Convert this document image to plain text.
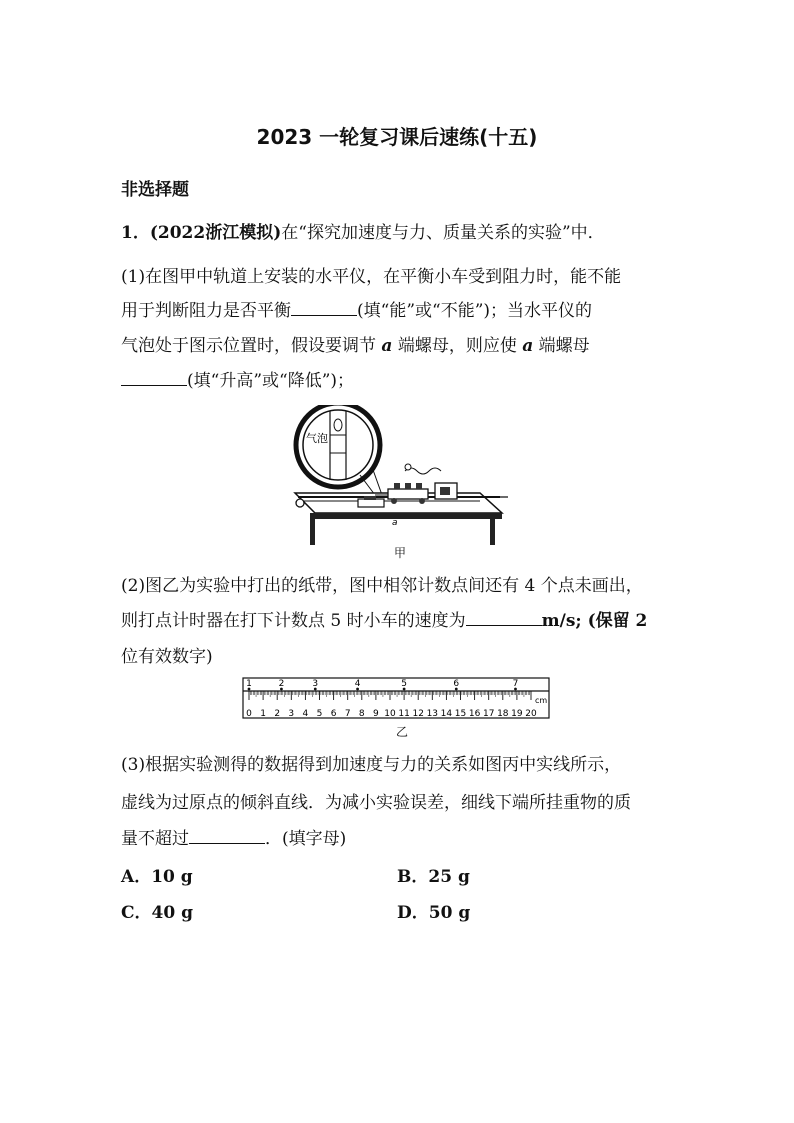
2023 一轮复习课后速练(十五)
非选择题
1．(2022浙江模拟)在“探究加速度与力、质量关系的实验”中．
(1)在图甲中轨道上安装的水平仪，在平衡小车受到阻力时，能不能
用于判断阻力是否平衡	(填“能”或“不能”)；当水平仪的
气泡处于图示位置时，假设要调节 a 端螺母，则应使 a 端螺母
(填“升高”或“降低”)；
气泡
a
甲
(2)图乙为实验中打出的纸带，图中相邻计数点间还有 4 个点未画出，
则打点计时器在打下计数点 5 时小车的速度为	m/s; (保留 2
位有效数字)
cm
0 1 2 3 4 5 6 7 8 9 10 11 12 13 14 15 16 17 18 19 20
1	2	3	4	5	6	7
乙
(3)根据实验测得的数据得到加速度与力的关系如图丙中实线所示，
虚线为过原点的倾斜直线．为减小实验误差，细线下端所挂重物的质
量不超过	．(填字母)
A．10 g	B．25 g
C．40 g	D．50 g
